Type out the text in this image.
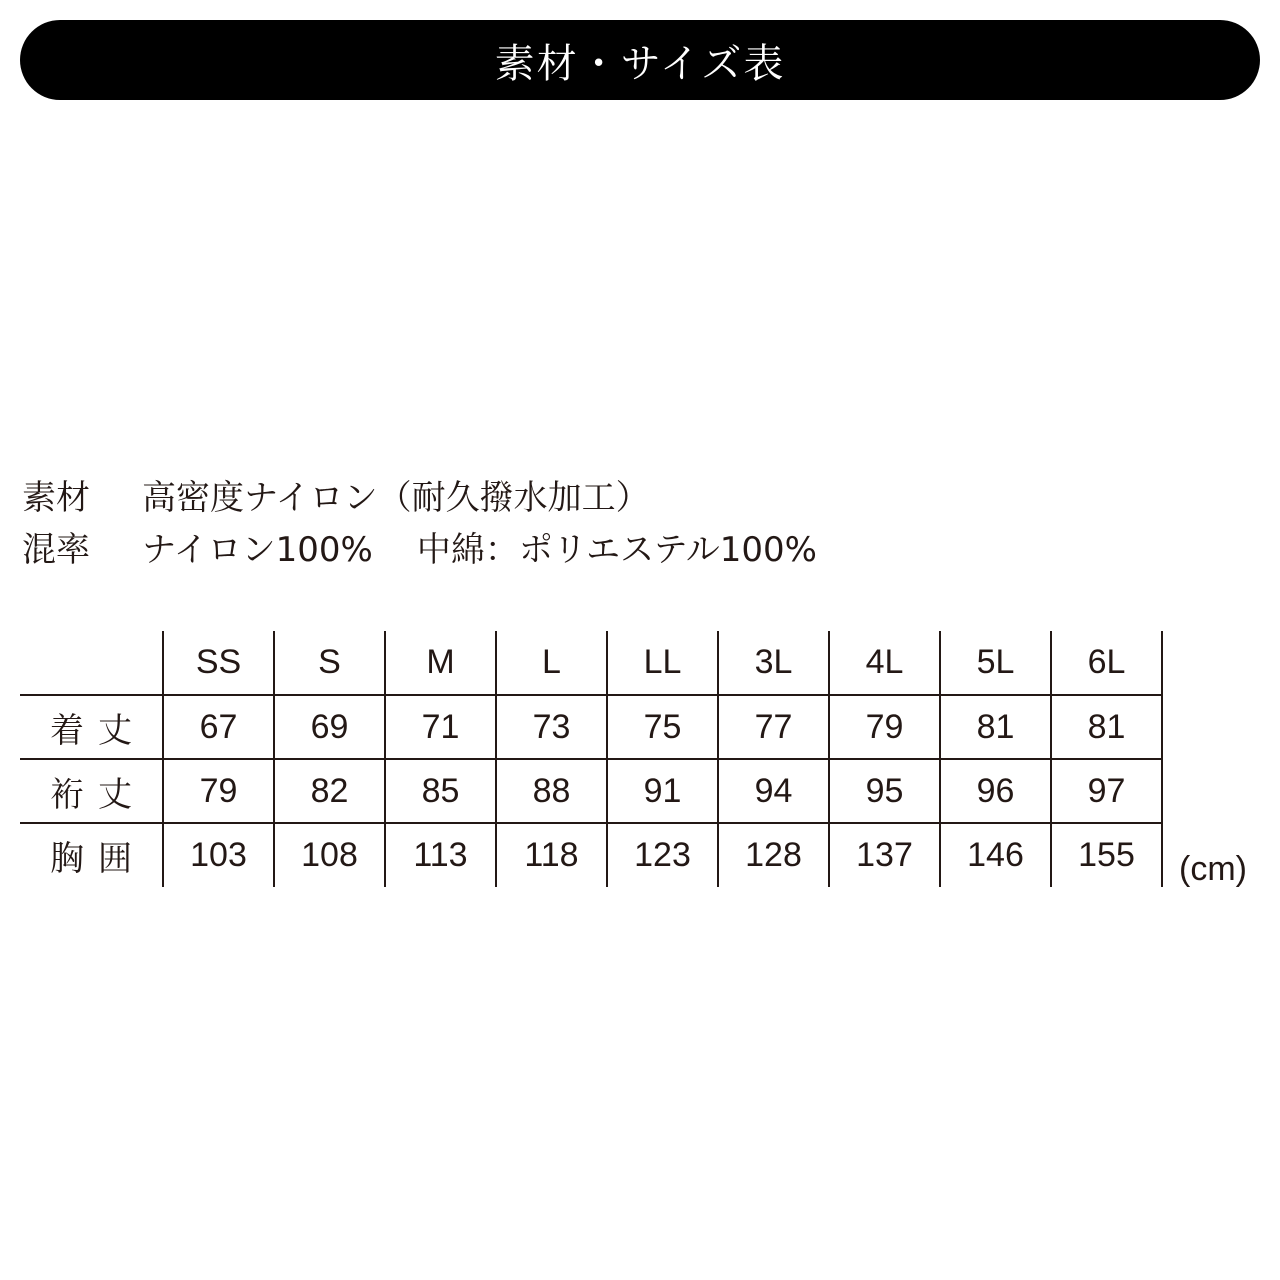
素材・サイズ表
素材	高密度ナイロン（耐久撥水加工）
混率	ナイロン100% 中綿：ポリエステル100%
	SS	S	M	L	LL	3L	4L	5L	6L
着丈	67	69	71	73	75	77	79	81	81
裄丈	79	82	85	88	91	94	95	96	97
胸囲	103	108	113	118	123	128	137	146	155 (cm)
